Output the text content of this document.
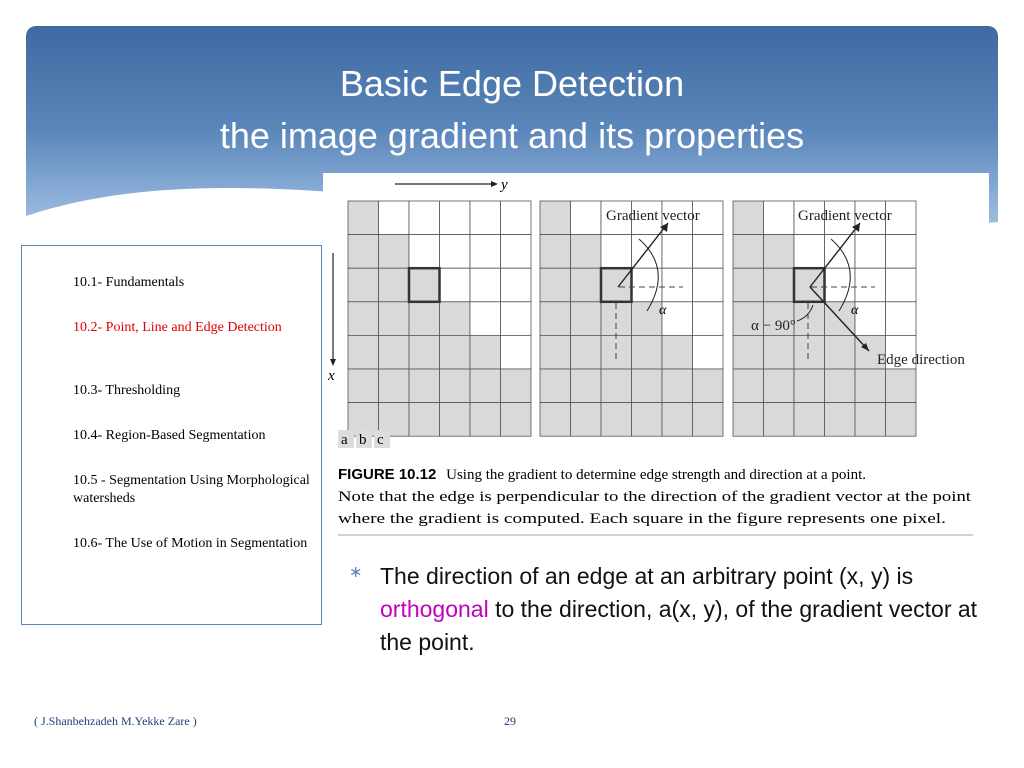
Basic Edge Detection
the image gradient and its properties
10.1- Fundamentals
10.2- Point, Line and Edge Detection
10.3- Thresholding
10.4- Region-Based Segmentation
10.5 - Segmentation Using Morphological watersheds
10.6- The Use of Motion in Segmentation
y
x
Gradient vector
α
Gradient vector
α
α − 90°
Edge direction
a b c
FIGURE 10.12 Using the gradient to determine edge strength and direction at a point.
Note that the edge is perpendicular to the direction of the gradient vector at the point
where the gradient is computed. Each square in the figure represents one pixel.
∗ The direction of an edge at an arbitrary point (x, y) is orthogonal to the direction, a(x, y), of the gradient vector at the point.
( J.Shanbehzadeh M.Yekke Zare )	29
